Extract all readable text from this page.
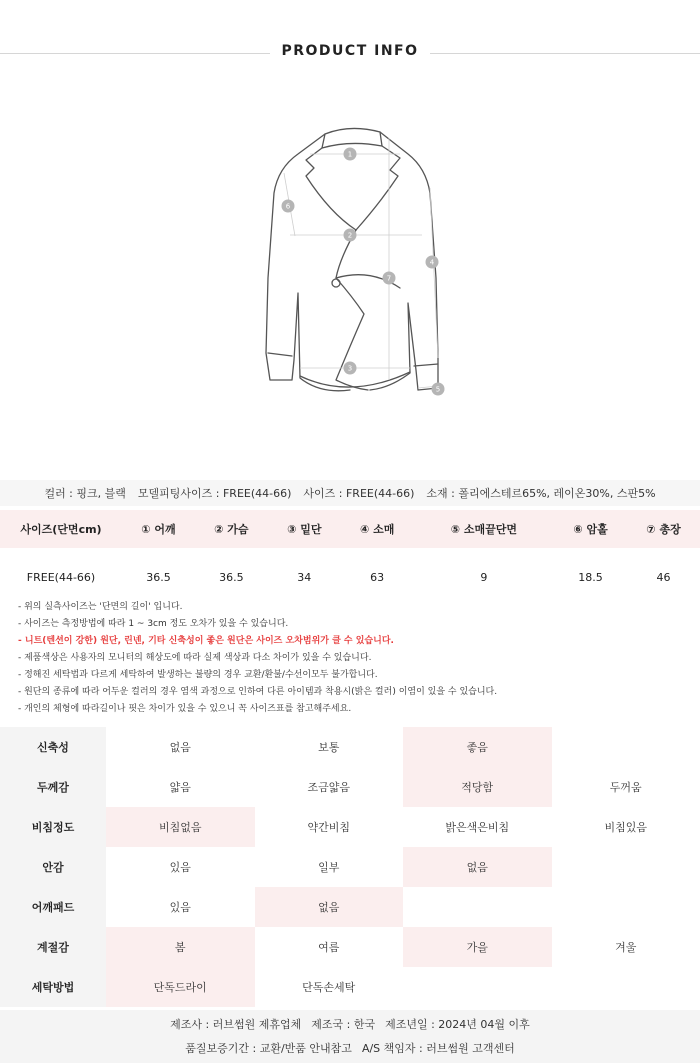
PRODUCT INFO
1
2
3
4
5
6
7
컬러 : 핑크, 블랙 모델피팅사이즈 : FREE(44-66) 사이즈 : FREE(44-66) 소재 : 폴리에스테르65%, 레이온30%, 스판5%
사이즈(단면cm)	① 어깨	② 가슴	③ 밑단	④ 소매	⑤ 소매끝단면	⑥ 암홀	⑦ 총장
FREE(44-66)	36.5	36.5	34	63	9	18.5	46
- 위의 실측사이즈는 '단면의 길이' 입니다.
- 사이즈는 측정방법에 따라 1 ~ 3cm 정도 오차가 있을 수 있습니다.
- 니트(텐션이 강한) 원단, 린넨, 기타 신축성이 좋은 원단은 사이즈 오차범위가 클 수 있습니다.
- 제품색상은 사용자의 모니터의 해상도에 따라 실제 색상과 다소 차이가 있을 수 있습니다.
- 정해진 세탁법과 다르게 세탁하여 발생하는 불량의 경우 교환/환불/수선이모두 불가합니다.
- 원단의 종류에 따라 어두운 컬러의 경우 염색 과정으로 인하여 다른 아이템과 착용시(밝은 컬러) 이염이 있을 수 있습니다.
- 개인의 체형에 따라길이나 핏은 차이가 있을 수 있으니 꼭 사이즈표를 참고해주세요.
신축성	없음	보통	좋음	
두께감	얇음	조금얇음	적당함	두꺼움
비침정도	비침없음	약간비침	밝은색은비침	비침있음
안감	있음	일부	없음	
어깨패드	있음	없음		
계절감	봄	여름	가을	겨울
세탁방법	단독드라이	단독손세탁		
제조사 : 러브썸원 제휴업체 제조국 : 한국 제조년일 : 2024년 04월 이후
품질보증기간 : 교환/반품 안내참고 A/S 책임자 : 러브썸원 고객센터
